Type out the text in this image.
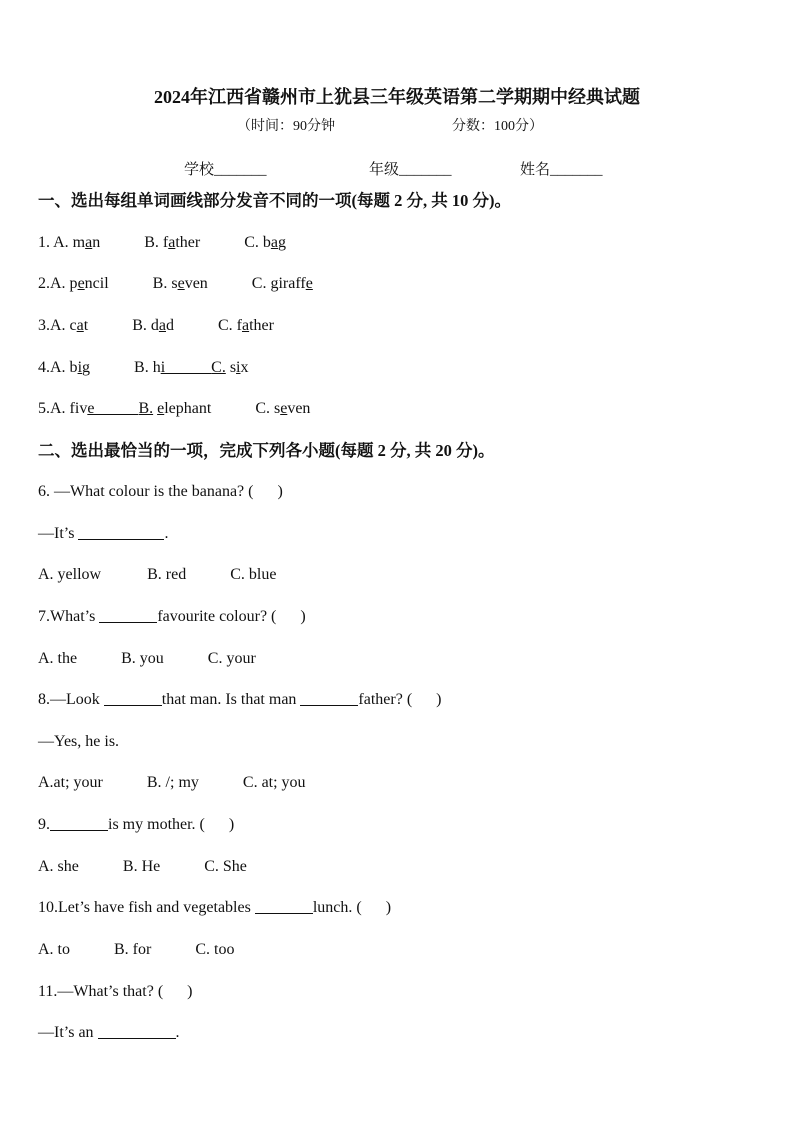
2024年江西省赣州市上犹县三年级英语第二学期期中经典试题
（时间：90分钟	分数：100分）
学校_______	年级_______	姓名_______
一、选出每组单词画线部分发音不同的一项(每题 2 分, 共 10 分)。
1. A. man	B. father	C. bag
2.A. pencil	B. seven	C. giraffe
3.A. cat	B. dad	C. father
4.A. big	B. hi	C. six
5.A. five	B. elephant	C. seven
二、选出最恰当的一项，完成下列各小题(每题 2 分, 共 20 分)。
6. —What colour is the banana? (      )
—It’s	.
A. yellow	B. red	C. blue
7.What’s	favourite colour? (      )
A. the	B. you	C. your
8.—Look	that man. Is that man	father? (      )
—Yes, he is.
A.at; your	B. /; my	C. at; you
9.	is my mother. (      )
A. she	B. He	C. She
10.Let’s have fish and vegetables	lunch. (      )
A. to	B. for	C. too
11.—What’s that? (      )
—It’s an	.
